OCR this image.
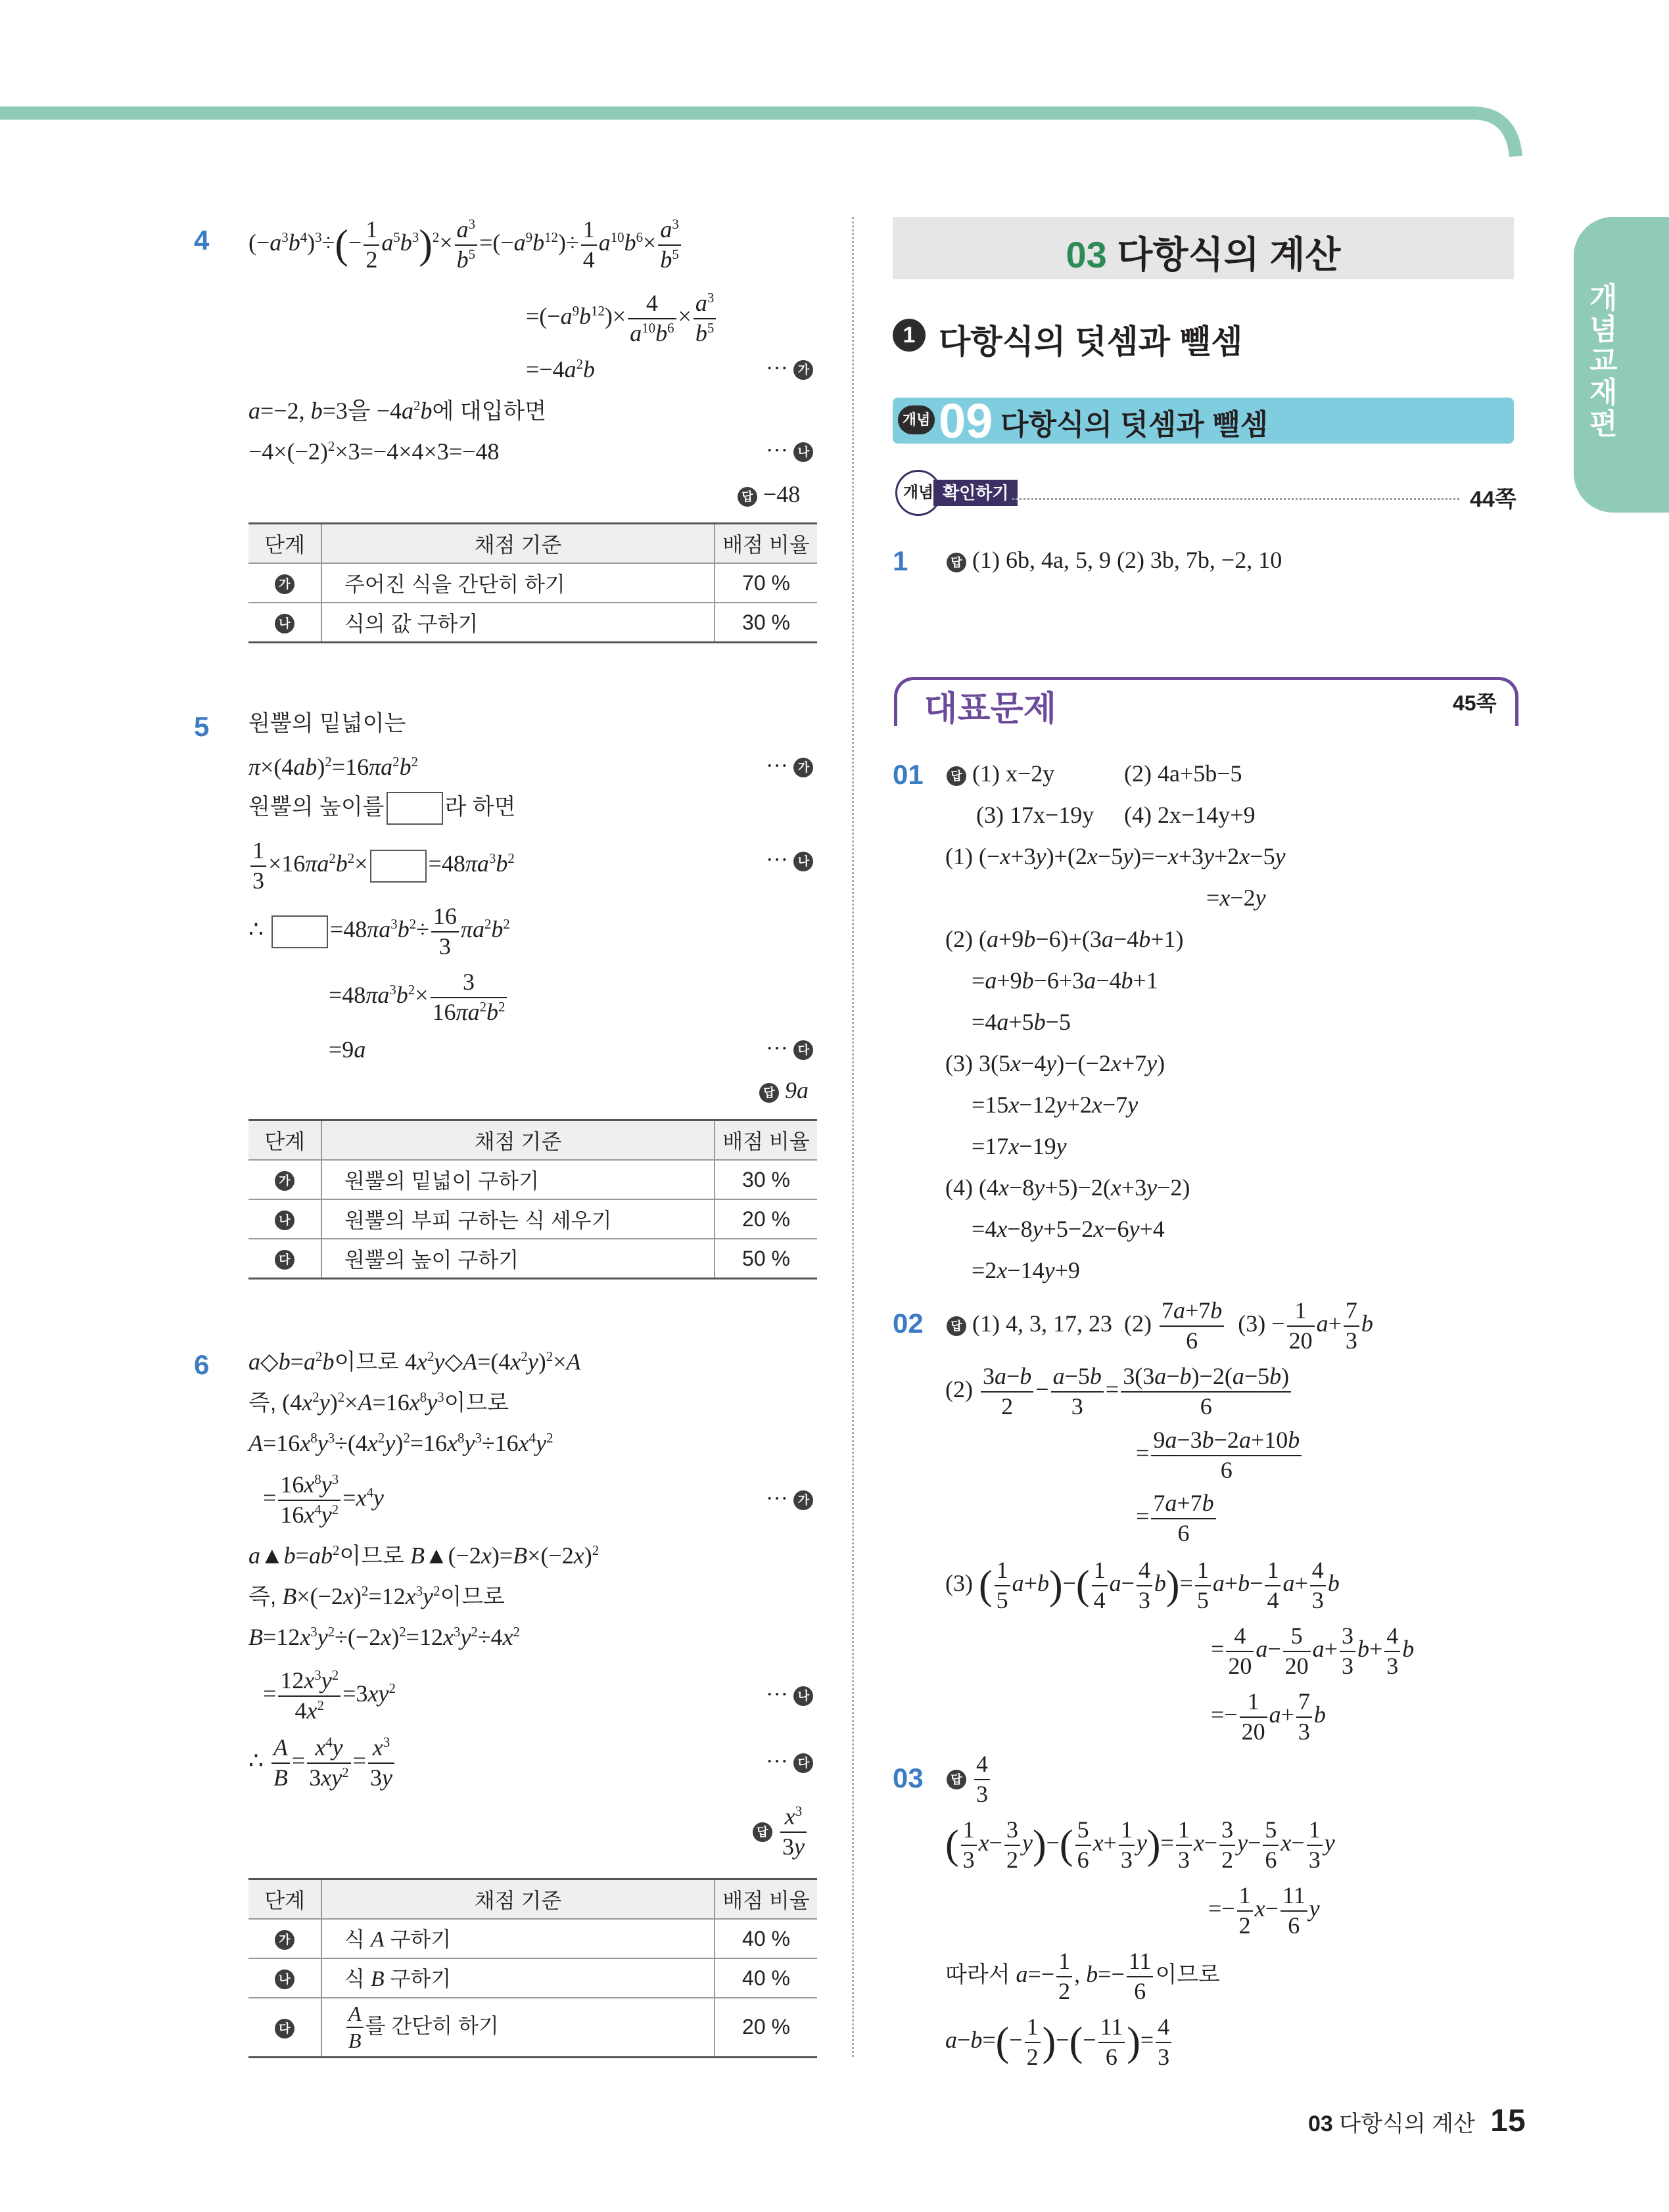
개념교재편
4 $(-a^3b^4)^3\div(- \frac{1}{2} a^5b^3)^2\times \frac{a^3}{b^5} =(-a^9b^{12})\div \frac{1}{4} a^{10}b^6\times \frac{a^3}{b^5}$
$=(-a^9b^{12})\times \frac{4}{a^{10}b^6} \times \frac{a^3}{b^5}$
$=-4a^2b$	··· 가
a=−2, b=3을 $-4a^2b$에 대입하면
$-4\times(-2)^2\times 3=-4\times 4\times 3=-48$	··· 나
답 −48
단계	채점 기준	배점 비율
가	주어진 식을 간단히 하기	70 %
나	식의 값 구하기	30 %
5 원뿔의 밑넓이는
$\pi\times(4ab)^2=16\pi a^2b^2$	··· 가
원뿔의 높이를	라 하면
$\frac{1}{3} \times 16\pi a^2b^2\times$	$=48\pi a^3b^2$	··· 나
∴	$=48\pi a^3b^2\div \frac{16}{3} \pi a^2b^2$
$=48\pi a^3b^2\times \frac{3}{16\pi a^2b^2}$
=9a	··· 다
답 9a
단계	채점 기준	배점 비율
가	원뿔의 밑넓이 구하기	30 %
나	원뿔의 부피 구하는 식 세우기	20 %
다	원뿔의 높이 구하기	50 %
6 $a◇b=a^2b$이므로 $4x^2y◇A=(4x^2y)^2\times A$
즉, $(4x^2y)^2\times A=16x^8y^3$이므로
$A=16x^8y^3\div(4x^2y)^2=16x^8y^3\div 16x^4y^2$
= $\frac{16x^8y^3}{16x^4y^2} =x^4y$	··· 가
$a▲b=ab^2$이므로 $B▲(-2x)=B\times(-2x)^2$
즉, $B\times(-2x)^2=12x^3y^2$이므로
$B=12x^3y^2\div(-2x)^2=12x^3y^2\div 4x^2$
= $\frac{12x^3y^2}{4x^2} =3xy^2$	··· 나
∴ $\frac{A}{B} = \frac{x^4y}{3xy^2} = \frac{x^3}{3y}$	··· 다
답 $\frac{x^3}{3y}$
단계	채점 기준	배점 비율
가	식 A 구하기	40 %
나	식 B 구하기	40 %
다	$\frac{A}{B}$ 를 간단히 하기	20 %
03 다항식의 계산
1 다항식의 덧셈과 뺄셈
개념 09 다항식의 덧셈과 뺄셈
개념 확인하기	44쪽
1	답 (1) 6b, 4a, 5, 9 (2) 3b, 7b, −2, 10
대표문제	45쪽
01	답 (1) x−2y	(2) 4a+5b−5
(3) 17x−19y (4) 2x−14y+9
(1) (−x+3y)+(2x−5y)=−x+3y+2x−5y
=x−2y
(2) (a+9b−6)+(3a−4b+1)
=a+9b−6+3a−4b+1
=4a+5b−5
(3) 3(5x−4y)−(−2x+7y)
=15x−12y+2x−7y
=17x−19y
(4) (4x−8y+5)−2(x+3y−2)
=4x−8y+5−2x−6y+4
=2x−14y+9
02	답 (1) 4, 3, 17, 23  $(2) \frac{7a+7b}{6} (3) - \frac{1}{20} a+ \frac{7}{3}$ b
$(2) \frac{3a-b}{2} - \frac{a-5b}{3} = \frac{3(3a-b)-2(a-5b)}{6}$
= $\frac{9a-3b-2a+10b}{6}$
= $\frac{7a+7b}{6}$
(3) ( $\frac{1}{5} a+b)-( \frac{1}{4} a- \frac{4}{3} b)= \frac{1}{5} a+b- \frac{1}{4} a+ \frac{4}{3}$ b
= $\frac{4}{20} a- \frac{5}{20} a+ \frac{3}{3} b+ \frac{4}{3}$ b
=− $\frac{1}{20} a+ \frac{7}{3}$ b
03	답 $\frac{4}{3}$
( $\frac{1}{3} x- \frac{3}{2} y)-( \frac{5}{6} x+ \frac{1}{3} y)= \frac{1}{3} x- \frac{3}{2} y- \frac{5}{6} x- \frac{1}{3}$ y
=− $\frac{1}{2} x- \frac{11}{6}$ y
따라서 $a=- \frac{1}{2}$ , $b=- \frac{11}{6}$ 이므로
$a-b=(- \frac{1}{2}$ )−(− $\frac{11}{6}$ )= $\frac{4}{3}$
03 다항식의 계산 15
